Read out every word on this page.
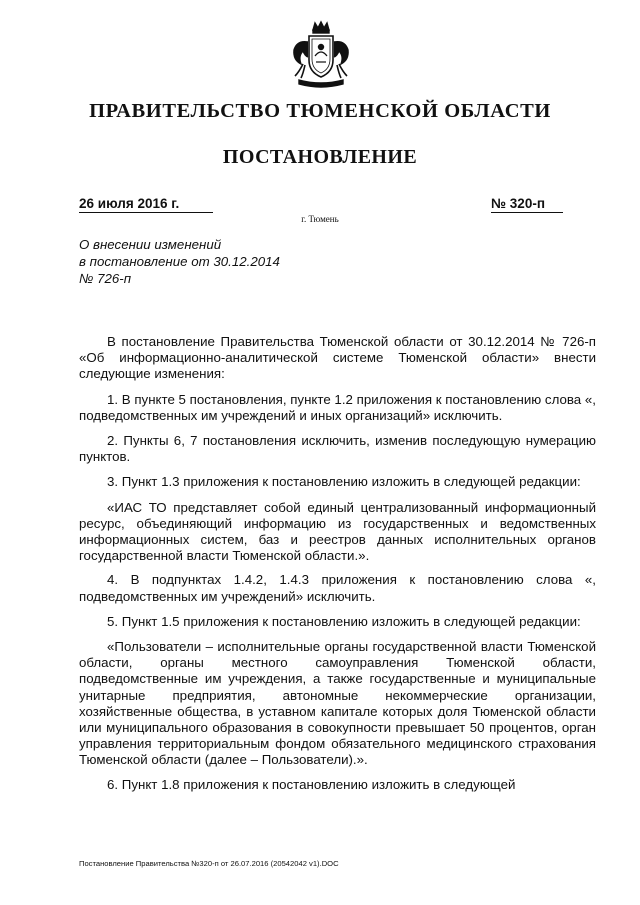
ПРАВИТЕЛЬСТВО ТЮМЕНСКОЙ ОБЛАСТИ
ПОСТАНОВЛЕНИЕ
26 июля 2016 г.	№ 320-п
г. Тюмень
О внесении изменений
в постановление от 30.12.2014
№ 726-п

В постановление Правительства Тюменской области от 30.12.2014 № 726-п «Об информационно-аналитической системе Тюменской области» внести следующие изменения:

1. В пункте 5 постановления, пункте 1.2 приложения к постановлению слова «, подведомственных им учреждений и иных организаций» исключить.

2. Пункты 6, 7 постановления исключить, изменив последующую нумерацию пунктов.

3. Пункт 1.3 приложения к постановлению изложить в следующей редакции:

«ИАС ТО представляет собой единый централизованный информационный ресурс, объединяющий информацию из государственных и ведомственных информационных систем, баз и реестров данных исполнительных органов государственной власти Тюменской области.».

4. В подпунктах 1.4.2, 1.4.3 приложения к постановлению слова «, подведомственных им учреждений» исключить.

5. Пункт 1.5 приложения к постановлению изложить в следующей редакции:

«Пользователи – исполнительные органы государственной власти Тюменской области, органы местного самоуправления Тюменской области, подведомственные им учреждения, а также государственные и муниципальные унитарные предприятия, автономные некоммерческие организации, хозяйственные общества, в уставном капитале которых доля Тюменской области или муниципального образования в совокупности превышает 50 процентов, орган управления территориальным фондом обязательного медицинского страхования Тюменской области (далее – Пользователи).».

6. Пункт 1.8 приложения к постановлению изложить в следующей

Постановление Правительства №320-п от 26.07.2016 (20542042 v1).DOC
